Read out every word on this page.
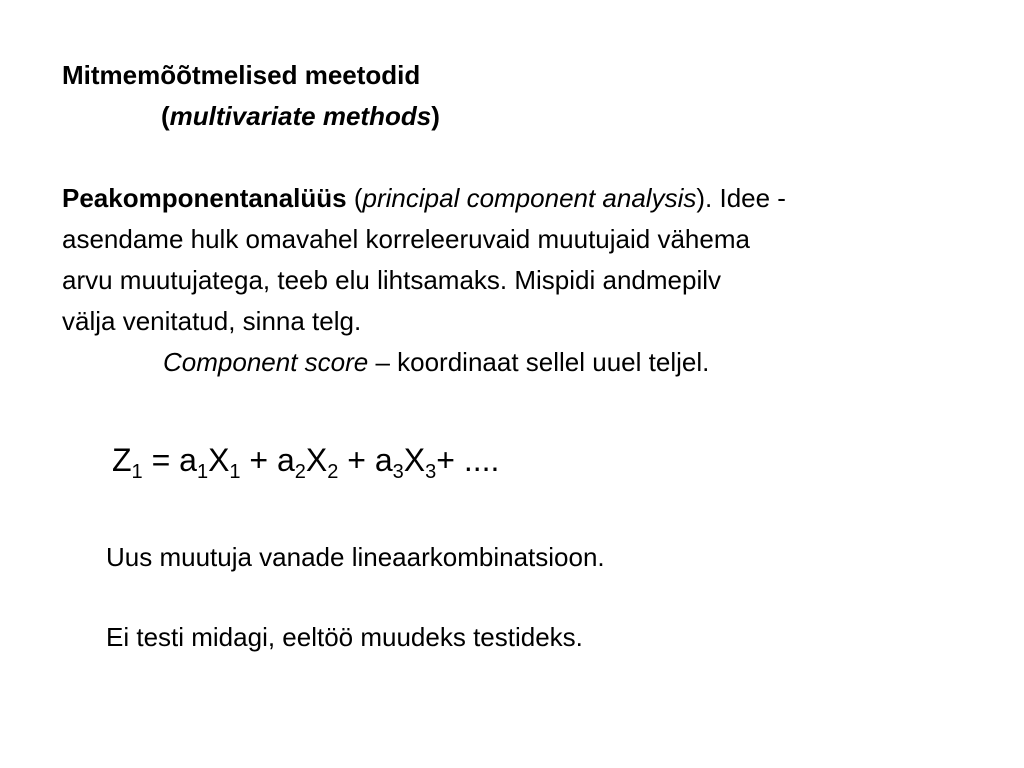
Mitmemõõtmelised meetodid

(multivariate methods)

Peakomponentanalüüs (principal component analysis). Idee -

asendame hulk omavahel korreleeruvaid muutujaid vähema

arvu muutujatega, teeb elu lihtsamaks. Mispidi andmepilv

välja venitatud, sinna telg.

Component score – koordinaat sellel uuel teljel.

$Z_1 = a_1X_1 + a_2X_2 + a_3X_3+$ ....

Uus muutuja vanade lineaarkombinatsioon.

Ei testi midagi, eeltöö muudeks testideks.
